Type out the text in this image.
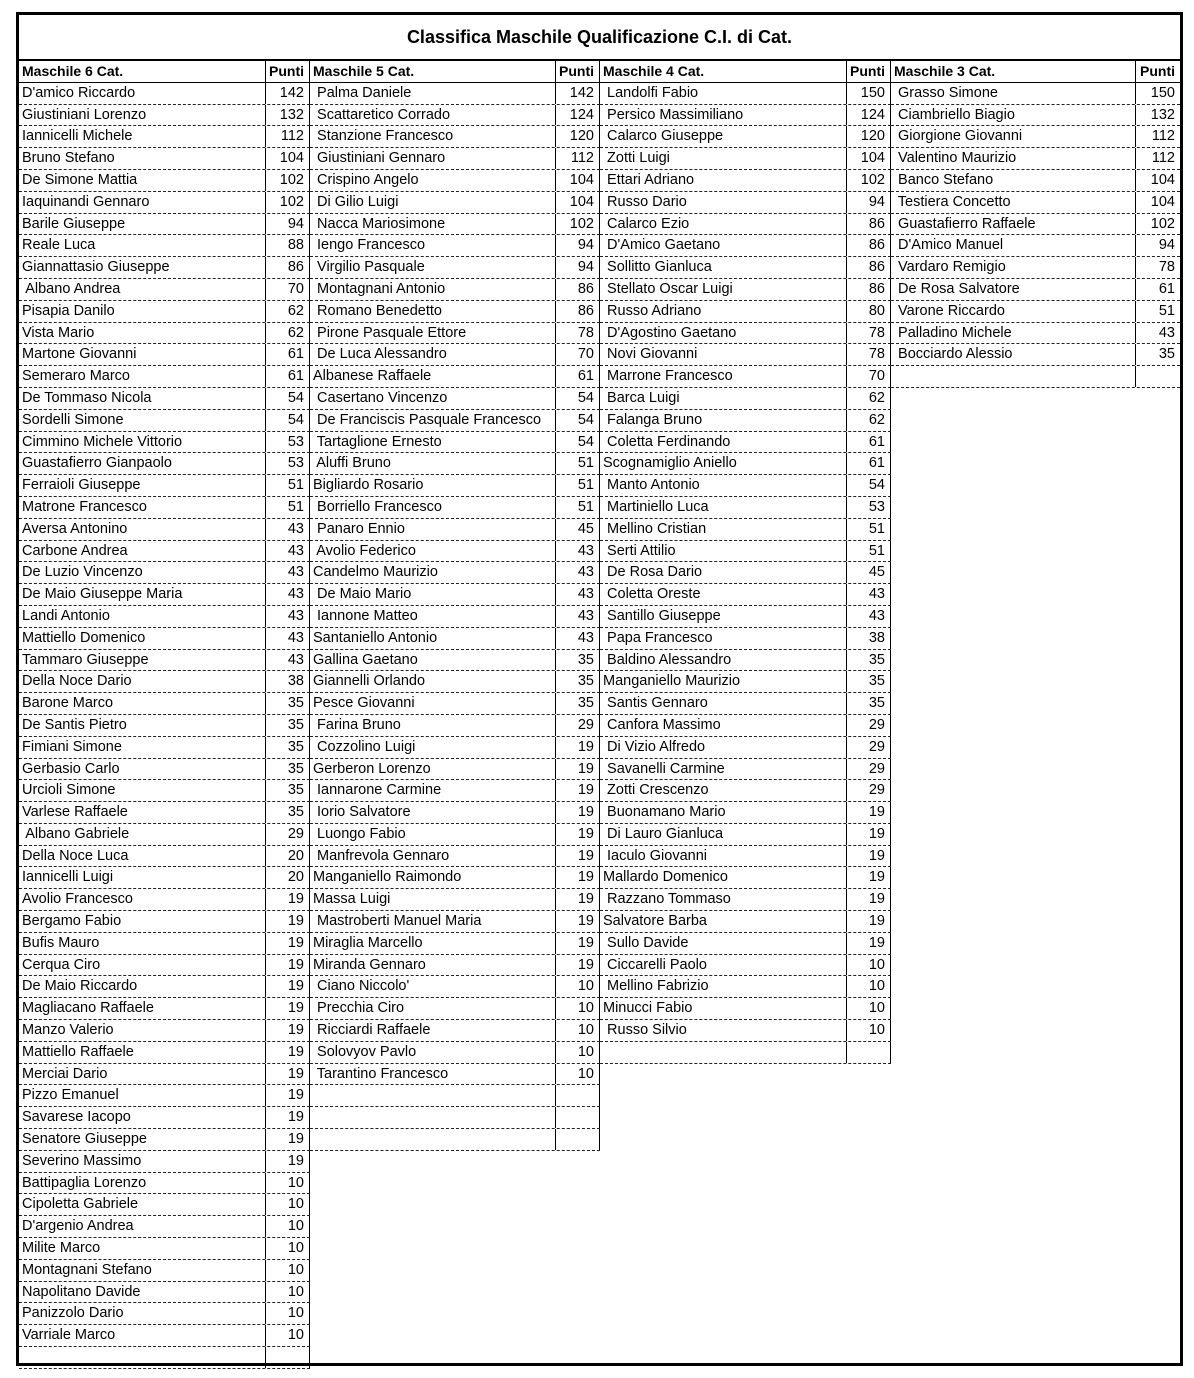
Classifica Maschile Qualificazione C.I. di Cat.
Maschile 6 Cat.	Punti
D'amico Riccardo	142
Giustiniani Lorenzo	132
Iannicelli Michele	112
Bruno Stefano	104
De Simone Mattia	102
Iaquinandi Gennaro	102
Barile Giuseppe	94
Reale Luca	88
Giannattasio Giuseppe	86
Albano Andrea	70
Pisapia Danilo	62
Vista Mario	62
Martone Giovanni	61
Semeraro Marco	61
De Tommaso Nicola	54
Sordelli Simone	54
Cimmino Michele Vittorio	53
Guastafierro Gianpaolo	53
Ferraioli Giuseppe	51
Matrone Francesco	51
Aversa Antonino	43
Carbone Andrea	43
De Luzio Vincenzo	43
De Maio Giuseppe Maria	43
Landi Antonio	43
Mattiello Domenico	43
Tammaro Giuseppe	43
Della Noce Dario	38
Barone Marco	35
De Santis Pietro	35
Fimiani Simone	35
Gerbasio Carlo	35
Urcioli Simone	35
Varlese Raffaele	35
Albano Gabriele	29
Della Noce Luca	20
Iannicelli Luigi	20
Avolio Francesco	19
Bergamo Fabio	19
Bufis Mauro	19
Cerqua Ciro	19
De Maio Riccardo	19
Magliacano Raffaele	19
Manzo Valerio	19
Mattiello Raffaele	19
Merciai Dario	19
Pizzo Emanuel	19
Savarese Iacopo	19
Senatore Giuseppe	19
Severino Massimo	19
Battipaglia Lorenzo	10
Cipoletta Gabriele	10
D'argenio Andrea	10
Milite Marco	10
Montagnani Stefano	10
Napolitano Davide	10
Panizzolo Dario	10
Varriale Marco	10
Maschile 5 Cat.	Punti
Palma Daniele	142
Scattaretico Corrado	124
Stanzione Francesco	120
Giustiniani Gennaro	112
Crispino Angelo	104
Di Gilio Luigi	104
Nacca Mariosimone	102
Iengo Francesco	94
Virgilio Pasquale	94
Montagnani Antonio	86
Romano Benedetto	86
Pirone Pasquale Ettore	78
De Luca Alessandro	70
Albanese Raffaele	61
Casertano Vincenzo	54
De Franciscis Pasquale Francesco	54
Tartaglione Ernesto	54
Aluffi Bruno	51
Bigliardo Rosario	51
Borriello Francesco	51
Panaro Ennio	45
Avolio Federico	43
Candelmo Maurizio	43
De Maio Mario	43
Iannone Matteo	43
Santaniello Antonio	43
Gallina Gaetano	35
Giannelli Orlando	35
Pesce Giovanni	35
Farina Bruno	29
Cozzolino Luigi	19
Gerberon Lorenzo	19
Iannarone Carmine	19
Iorio Salvatore	19
Luongo Fabio	19
Manfrevola Gennaro	19
Manganiello Raimondo	19
Massa Luigi	19
Mastroberti Manuel Maria	19
Miraglia Marcello	19
Miranda Gennaro	19
Ciano Niccolo'	10
Precchia Ciro	10
Ricciardi Raffaele	10
Solovyov Pavlo	10
Tarantino Francesco	10
Maschile 4 Cat.	Punti
Landolfi Fabio	150
Persico Massimiliano	124
Calarco Giuseppe	120
Zotti Luigi	104
Ettari Adriano	102
Russo Dario	94
Calarco Ezio	86
D'Amico Gaetano	86
Sollitto Gianluca	86
Stellato Oscar Luigi	86
Russo Adriano	80
D'Agostino Gaetano	78
Novi Giovanni	78
Marrone Francesco	70
Barca Luigi	62
Falanga Bruno	62
Coletta Ferdinando	61
Scognamiglio Aniello	61
Manto Antonio	54
Martiniello Luca	53
Mellino Cristian	51
Serti Attilio	51
De Rosa Dario	45
Coletta Oreste	43
Santillo Giuseppe	43
Papa Francesco	38
Baldino Alessandro	35
Manganiello Maurizio	35
Santis Gennaro	35
Canfora Massimo	29
Di Vizio Alfredo	29
Savanelli Carmine	29
Zotti Crescenzo	29
Buonamano Mario	19
Di Lauro Gianluca	19
Iaculo Giovanni	19
Mallardo Domenico	19
Razzano Tommaso	19
Salvatore Barba	19
Sullo Davide	19
Ciccarelli Paolo	10
Mellino Fabrizio	10
Minucci Fabio	10
Russo Silvio	10
Maschile 3 Cat.	Punti
Grasso Simone	150
Ciambriello Biagio	132
Giorgione Giovanni	112
Valentino Maurizio	112
Banco Stefano	104
Testiera Concetto	104
Guastafierro Raffaele	102
D'Amico Manuel	94
Vardaro Remigio	78
De Rosa Salvatore	61
Varone Riccardo	51
Palladino Michele	43
Bocciardo Alessio	35
